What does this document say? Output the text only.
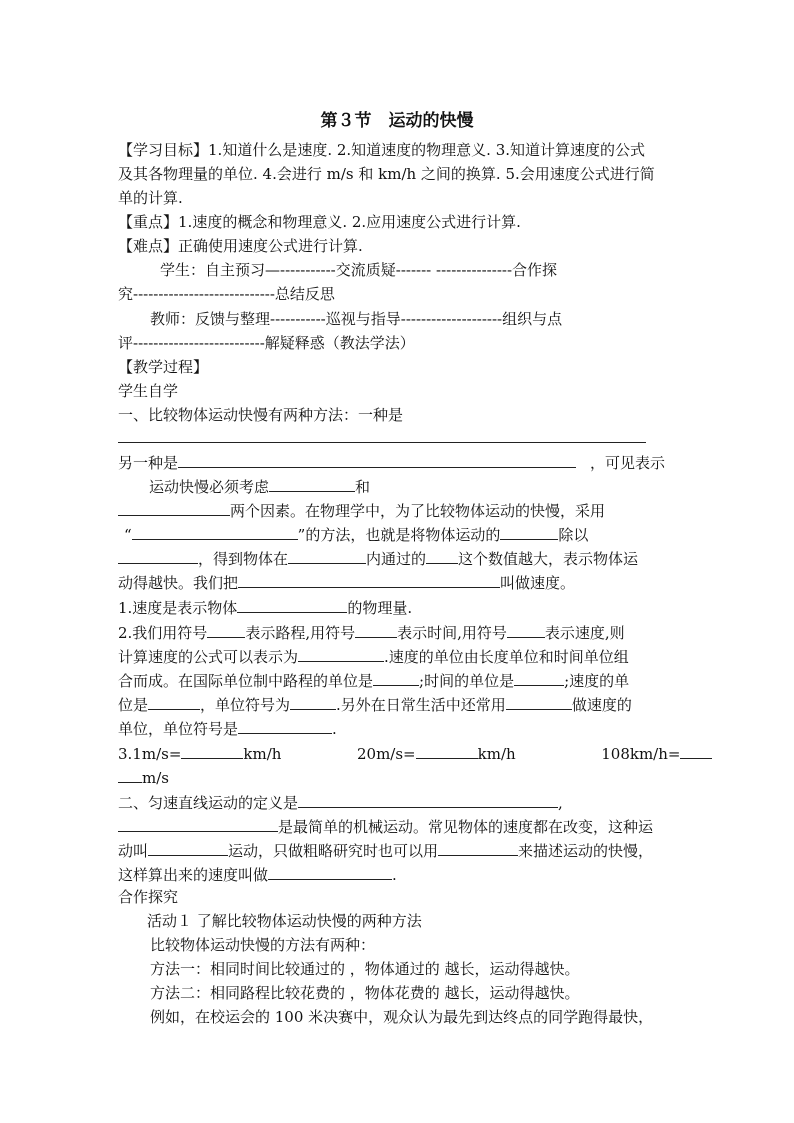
第３节　运动的快慢
【学习目标】1.知道什么是速度. 2.知道速度的物理意义. 3.知道计算速度的公式
及其各物理量的单位. 4.会进行 m/s 和 km/h 之间的换算. 5.会用速度公式进行简
单的计算.
【重点】1.速度的概念和物理意义. 2.应用速度公式进行计算.
【难点】正确使用速度公式进行计算.
学生：自主预习—-----------交流质疑------- ---------------合作探
究----------------------------总结反思
教师：反馈与整理-----------巡视与指导--------------------组织与点
评--------------------------解疑释惑（教法学法）
【教学过程】
学生自学
一、比较物体运动快慢有两种方法：一种是
另一种是	，可见表示
运动快慢必须考虑	和
两个因素。在物理学中，为了比较物体运动的快慢，采用
“	”的方法，也就是将物体运动的	除以
，得到物体在	内通过的 这个数值越大，表示物体运
动得越快。我们把	叫做速度。
1.速度是表示物体	的物理量.
2.我们用符号	表示路程,用符号	表示时间,用符号	表示速度,则
计算速度的公式可以表示为	.速度的单位由长度单位和时间单位组
合而成。在国际单位制中路程的单位是	;时间的单位是	;速度的单
位是	，单位符号为	.另外在日常生活中还常用	做速度的
单位，单位符号是	.
3.1m/s=	km/h	20m/s=	km/h	108km/h=
m/s
二、匀速直线运动的定义是	,
是最简单的机械运动。常见物体的速度都在改变，这种运
动叫	运动，只做粗略研究时也可以用	来描述运动的快慢，
这样算出来的速度叫做	.
合作探究
活动１ 了解比较物体运动快慢的两种方法
比较物体运动快慢的方法有两种：
方法一：相同时间比较通过的 ，物体通过的 越长，运动得越快。
方法二：相同路程比较花费的 ，物体花费的 越长，运动得越快。
例如，在校运会的 100 米决赛中，观众认为最先到达终点的同学跑得最快，
